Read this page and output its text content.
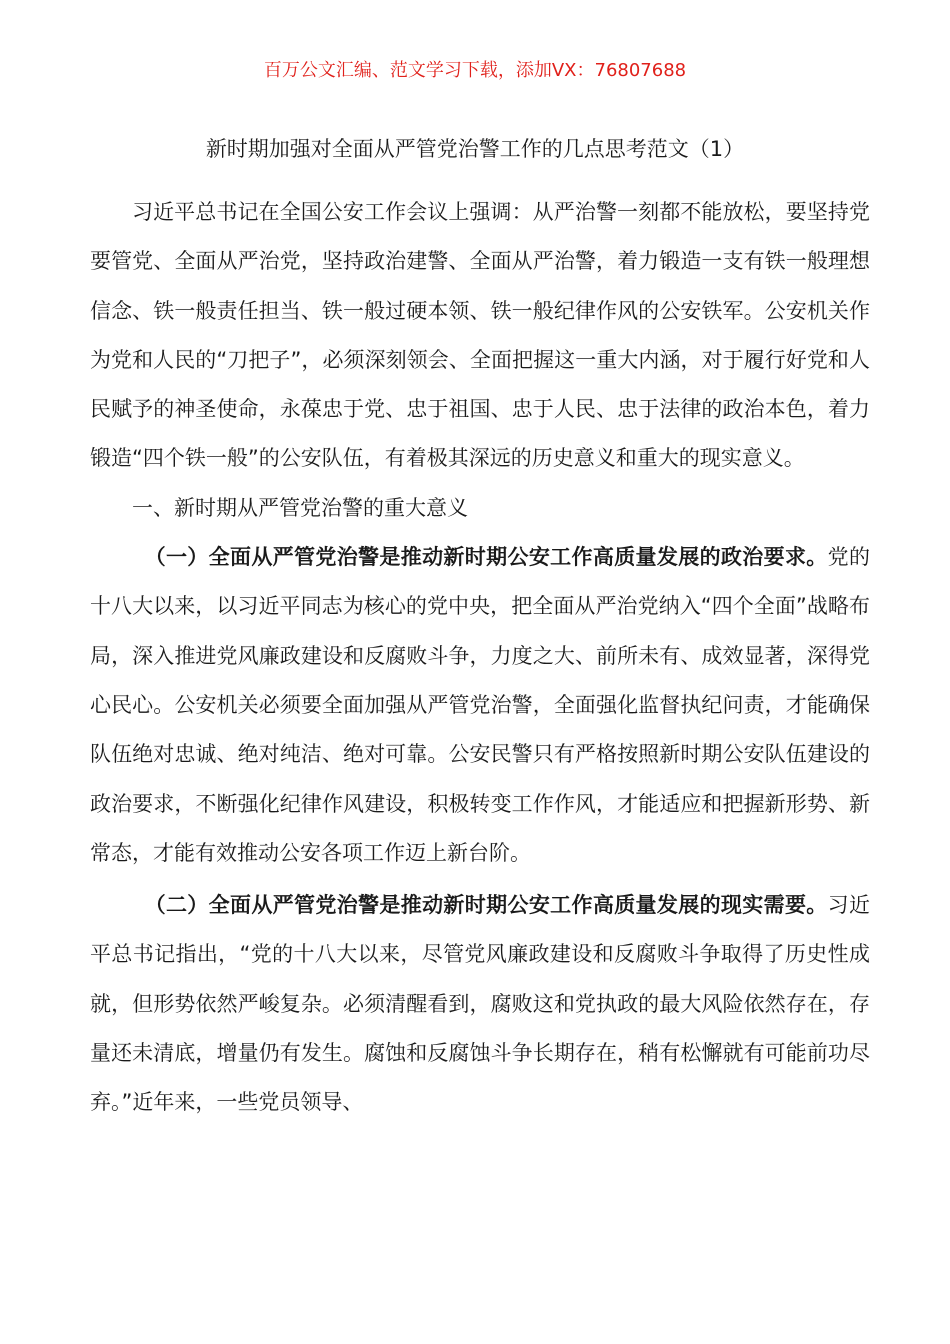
百万公文汇编、范文学习下载，添加VX：76807688
新时期加强对全面从严管党治警工作的几点思考范文（1）

习近平总书记在全国公安工作会议上强调：从严治警一刻都不能放松，要坚持党要管党、全面从严治党，坚持政治建警、全面从严治警，着力锻造一支有铁一般理想信念、铁一般责任担当、铁一般过硬本领、铁一般纪律作风的公安铁军。公安机关作为党和人民的“刀把子”，必须深刻领会、全面把握这一重大内涵，对于履行好党和人民赋予的神圣使命，永葆忠于党、忠于祖国、忠于人民、忠于法律的政治本色，着力锻造“四个铁一般”的公安队伍，有着极其深远的历史意义和重大的现实意义。

一、新时期从严管党治警的重大意义

（一）全面从严管党治警是推动新时期公安工作高质量发展的政治要求。党的十八大以来，以习近平同志为核心的党中央，把全面从严治党纳入“四个全面”战略布局，深入推进党风廉政建设和反腐败斗争，力度之大、前所未有、成效显著，深得党心民心。公安机关必须要全面加强从严管党治警，全面强化监督执纪问责，才能确保队伍绝对忠诚、绝对纯洁、绝对可靠。公安民警只有严格按照新时期公安队伍建设的政治要求，不断强化纪律作风建设，积极转变工作作风，才能适应和把握新形势、新常态，才能有效推动公安各项工作迈上新台阶。

（二）全面从严管党治警是推动新时期公安工作高质量发展的现实需要。习近平总书记指出，“党的十八大以来，尽管党风廉政建设和反腐败斗争取得了历史性成就，但形势依然严峻复杂。必须清醒看到，腐败这和党执政的最大风险依然存在，存量还未清底，增量仍有发生。腐蚀和反腐蚀斗争长期存在，稍有松懈就有可能前功尽弃。”近年来，一些党员领导、
